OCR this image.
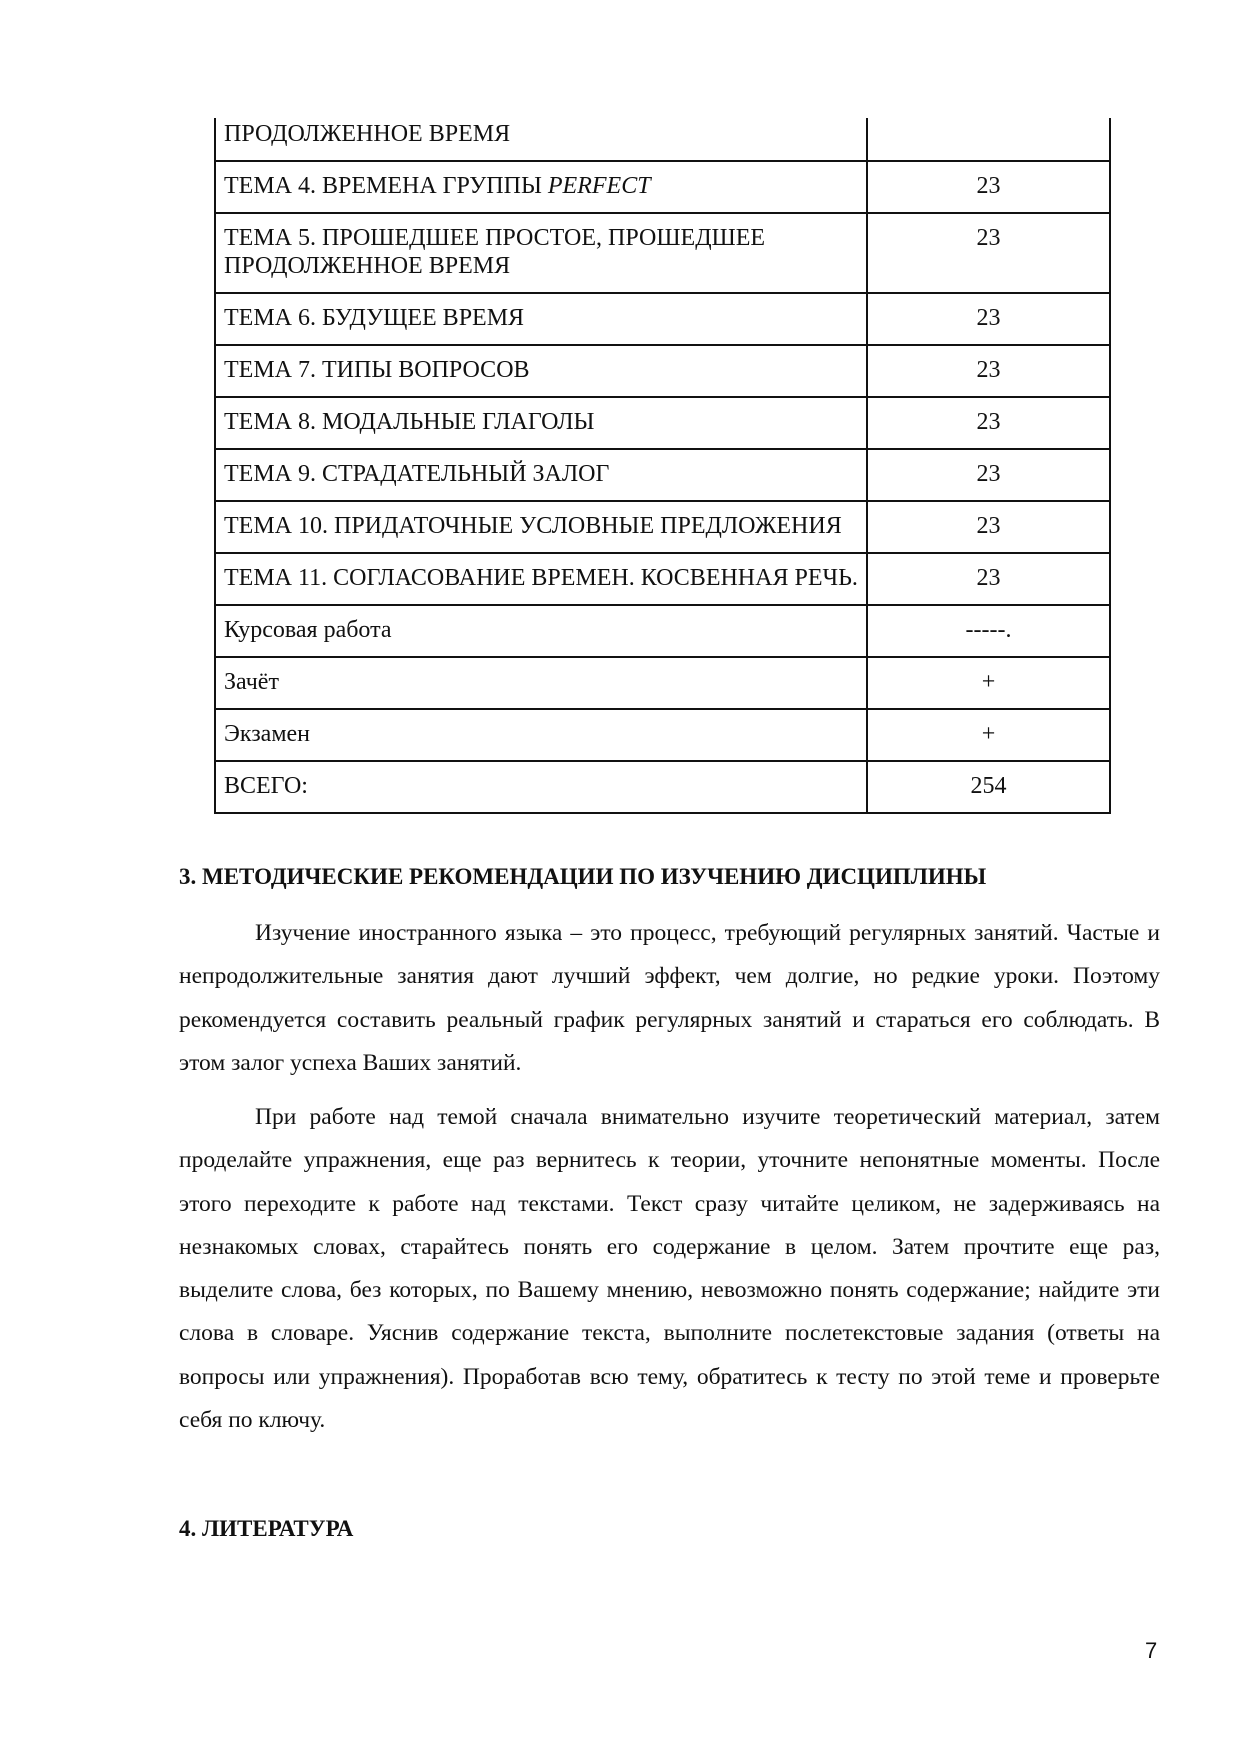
ПРОДОЛЖЕННОЕ ВРЕМЯ	
ТЕМА 4. ВРЕМЕНА ГРУППЫ PERFECT	23
ТЕМА 5. ПРОШЕДШЕЕ ПРОСТОЕ, ПРОШЕДШЕЕ ПРОДОЛЖЕННОЕ ВРЕМЯ	23
ТЕМА 6. БУДУЩЕЕ ВРЕМЯ	23
ТЕМА 7. ТИПЫ ВОПРОСОВ	23
ТЕМА 8. МОДАЛЬНЫЕ ГЛАГОЛЫ	23
ТЕМА 9. СТРАДАТЕЛЬНЫЙ ЗАЛОГ	23
ТЕМА 10. ПРИДАТОЧНЫЕ УСЛОВНЫЕ ПРЕДЛОЖЕНИЯ	23
ТЕМА 11. СОГЛАСОВАНИЕ ВРЕМЕН. КОСВЕННАЯ РЕЧЬ.	23
Курсовая работа	-----.
Зачёт	+
Экзамен	+
ВСЕГО:	254
3. МЕТОДИЧЕСКИЕ РЕКОМЕНДАЦИИ ПО ИЗУЧЕНИЮ ДИСЦИПЛИНЫ

Изучение иностранного языка – это процесс, требующий регулярных занятий. Частые и непродолжительные занятия дают лучший эффект, чем долгие, но редкие уроки. Поэтому рекомендуется составить реальный график регулярных занятий и стараться его соблюдать. В этом залог успеха Ваших занятий.

При работе над темой сначала внимательно изучите теоретический материал, затем проделайте упражнения, еще раз вернитесь к теории, уточните непонятные моменты. После этого переходите к работе над текстами. Текст сразу читайте целиком, не задерживаясь на незнакомых словах, старайтесь понять его содержание в целом. Затем прочтите еще раз, выделите слова, без которых, по Вашему мнению, невозможно понять содержание; найдите эти слова в словаре. Уяснив содержание текста, выполните послетекстовые задания (ответы на вопросы или упражнения). Проработав всю тему, обратитесь к тесту по этой теме и проверьте себя по ключу.

4. ЛИТЕРАТУРА
7
